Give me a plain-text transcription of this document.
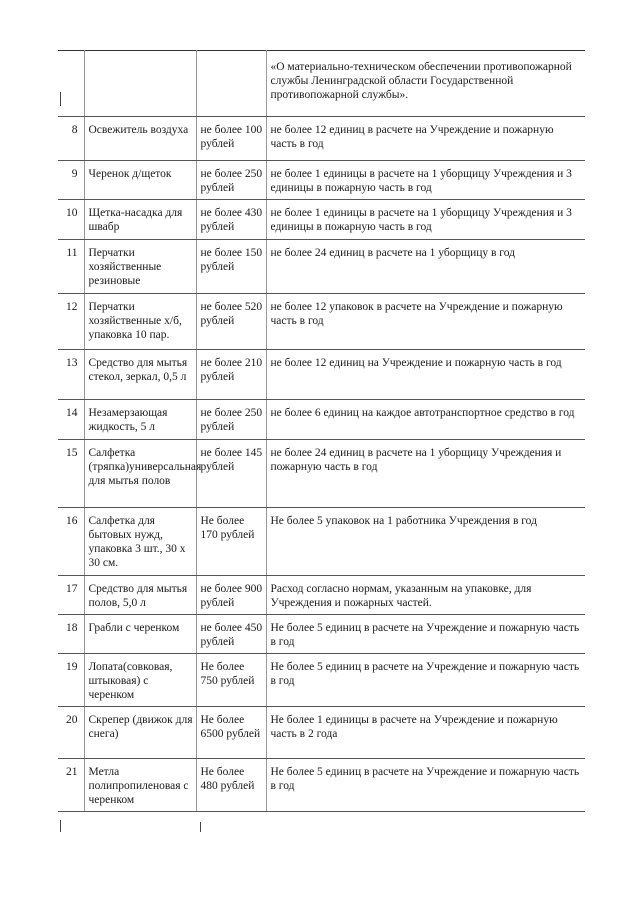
			«О материально-техническом обеспечении противопожарной службы Ленинградской области Государственной противопожарной службы».
8	Освежитель воздуха	не более 100 рублей	не более 12 единиц в расчете на Учреждение и пожарную часть в год
9	Черенок д/щеток	не более 250 рублей	не более 1 единицы в расчете на 1 уборщицу Учреждения и 3 единицы в пожарную часть в год
10	Щетка-насадка для швабр	не более 430 рублей	не более 1 единицы в расчете на 1 уборщицу Учреждения и 3 единицы в пожарную часть в год
11	Перчатки хозяйственные резиновые	не более 150 рублей	не более 24 единиц в расчете на 1 уборщицу в год
12	Перчатки хозяйственные х/б, упаковка 10 пар.	не более 520 рублей	не более 12 упаковок в расчете на Учреждение и пожарную часть в год
13	Средство для мытья стекол, зеркал, 0,5 л	не более 210 рублей	не более 12 единиц на Учреждение и пожарную часть в год
14	Незамерзающая жидкость, 5 л	не более 250 рублей	не более 6 единиц на каждое автотранспортное средство в год
15	Салфетка (тряпка)универсальная для мытья полов	не более 145 рублей	не более 24 единиц в расчете на 1 уборщицу Учреждения и пожарную часть в год
16	Салфетка для бытовых нужд, упаковка 3 шт., 30 х 30 см.	Не более 170 рублей	Не более 5 упаковок на 1 работника Учреждения в год
17	Средство для мытья полов, 5,0 л	не более 900 рублей	Расход согласно нормам, указанным на упаковке, для Учреждения и пожарных частей.
18	Грабли с черенком	не более 450 рублей	Не более 5 единиц в расчете на Учреждение и пожарную часть в год
19	Лопата(совковая, штыковая) с черенком	Не более 750 рублей	Не более 5 единиц в расчете на Учреждение и пожарную часть в год
20	Скрепер (движок для снега)	Не более 6500 рублей	Не более 1 единицы в расчете на Учреждение и пожарную часть в 2 года
21	Метла полипропиленовая с черенком	Не более 480 рублей	Не более 5 единиц в расчете на Учреждение и пожарную часть в год
